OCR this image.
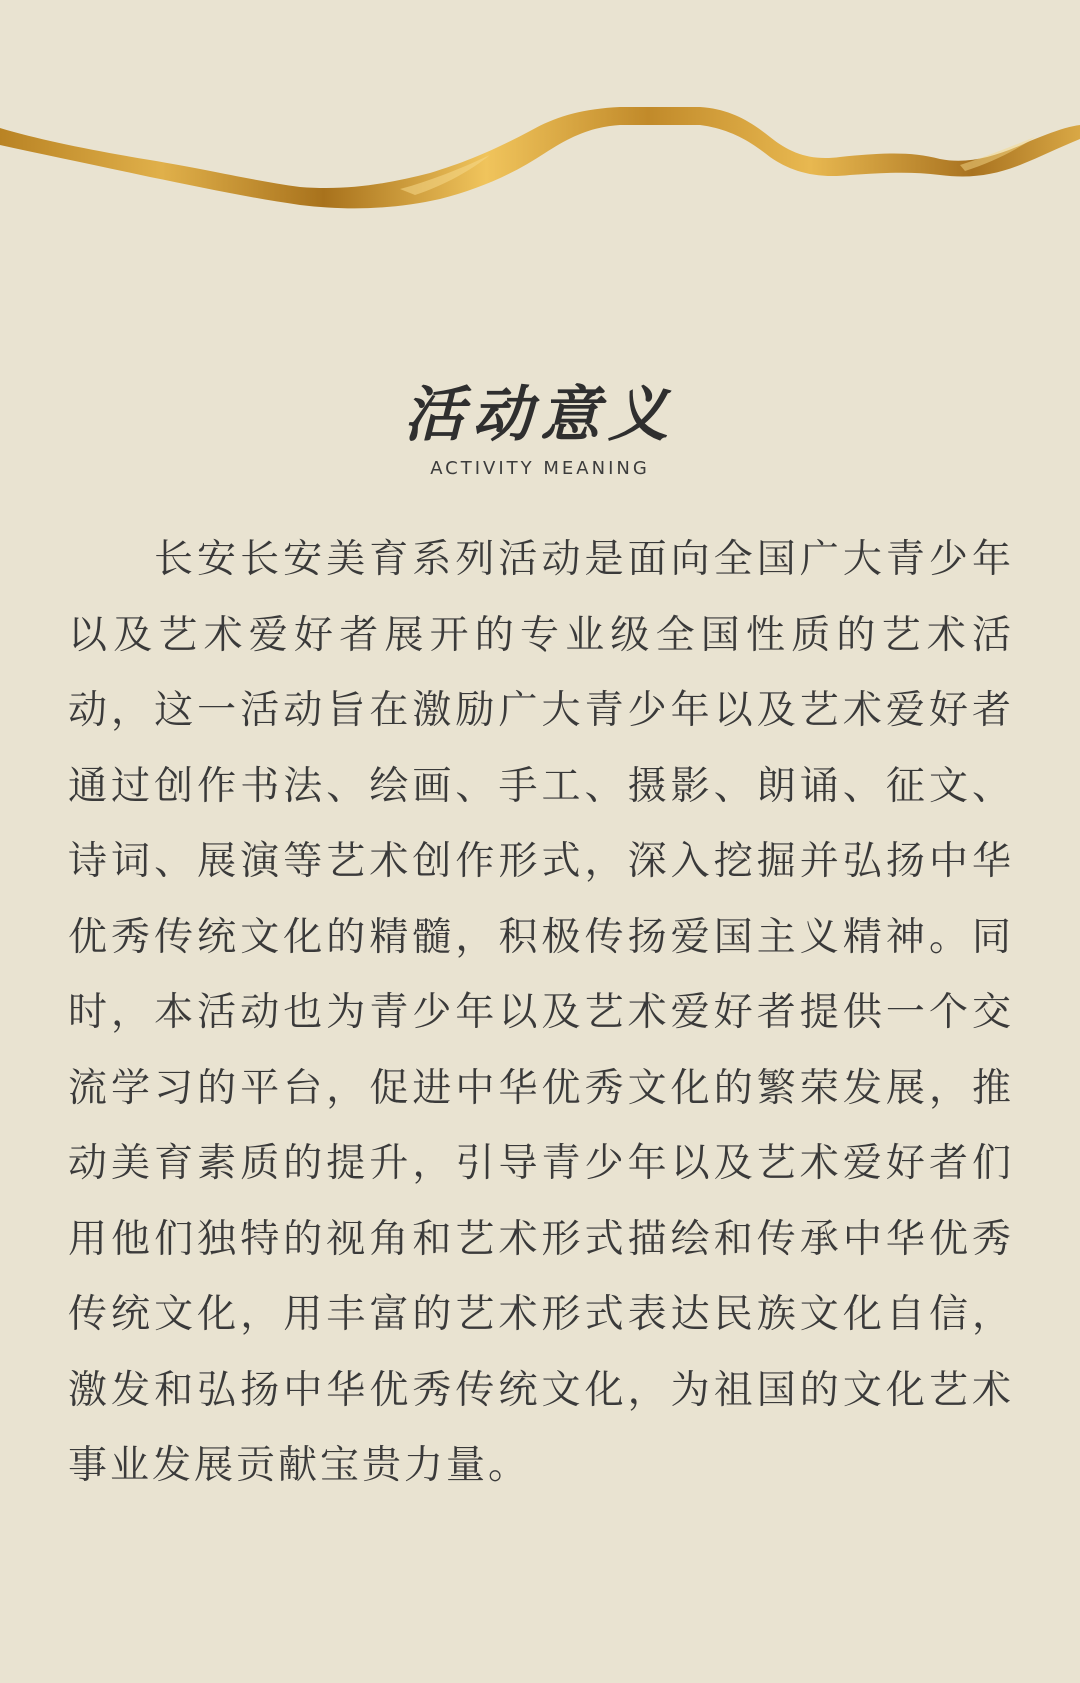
活动意义
ACTIVITY MEANING
长安长安美育系列活动是面向全国广大青少年以及艺术爱好者展开的专业级全国性质的艺术活动，这一活动旨在激励广大青少年以及艺术爱好者通过创作书法、绘画、手工、摄影、朗诵、征文、诗词、展演等艺术创作形式，深入挖掘并弘扬中华优秀传统文化的精髓，积极传扬爱国主义精神。同时，本活动也为青少年以及艺术爱好者提供一个交流学习的平台，促进中华优秀文化的繁荣发展，推动美育素质的提升，引导青少年以及艺术爱好者们用他们独特的视角和艺术形式描绘和传承中华优秀传统文化，用丰富的艺术形式表达民族文化自信，激发和弘扬中华优秀传统文化，为祖国的文化艺术事业发展贡献宝贵力量。
